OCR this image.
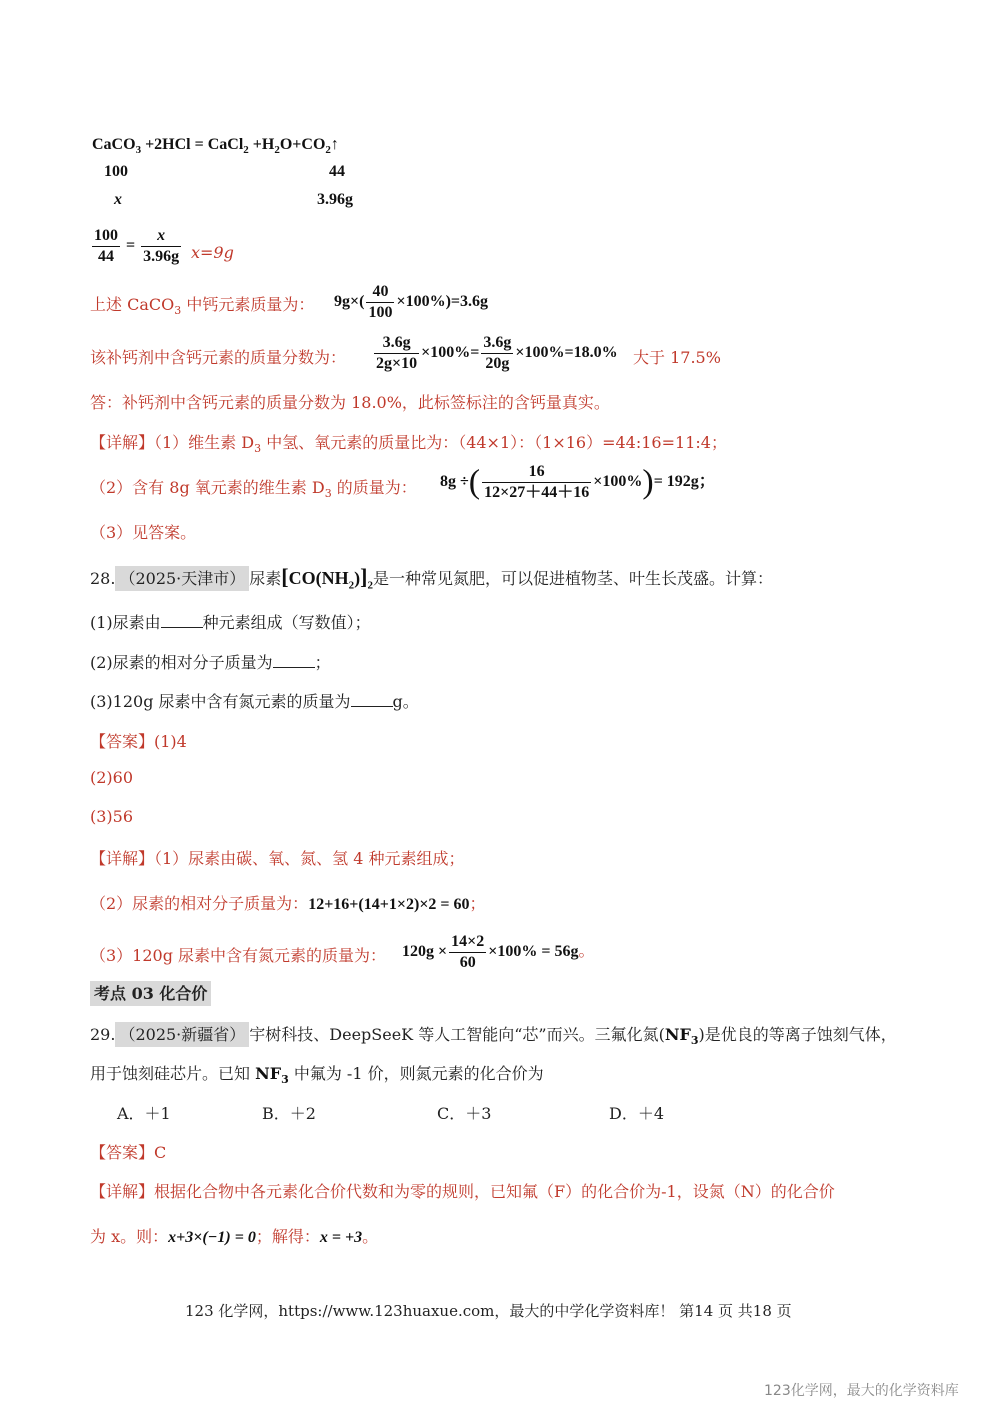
CaCO$_3$ +2HCl = CaCl$_2$ $+H_2O+CO_2↑$
100	44
x	3.96g
$\frac{100}{44} = \frac{x}{3.96g} x=9g$
上述 CaCO$_3$ 中钙元素质量为： $9g\times( \frac{40}{100} \times 100\%)=3.6g$
该补钙剂中含钙元素的质量分数为： $\frac{3.6g}{2g\times 10} \times 100\%= \frac{3.6g}{20g} \times 100\%=18.0\%$ 大于 17.5%
答：补钙剂中含钙元素的质量分数为 18.0%，此标签标注的含钙量真实。
【详解】（1）维生素 $D_3$ 中氢、氧元素的质量比为：（44×1）：（1×16）=44:16=11:4；
（2）含有 8g 氧元素的维生素 $D_3$ 的质量为： 8g ÷( $\frac{16}{12\times 27+44+16} \times 100\%)= 192g$；
（3）见答案。
28. （2025·天津市） 尿素$[CO(NH_2)]_2$是一种常见氮肥，可以促进植物茎、叶生长茂盛。计算：
(1)尿素由	种元素组成（写数值）；
(2)尿素的相对分子质量为	；
(3)120g 尿素中含有氮元素的质量为	g。
【答案】(1)4
(2)60
(3)56
【详解】（1）尿素由碳、氧、氮、氢 4 种元素组成；
（2）尿素的相对分子质量为：12+16+(14+1×2)×2 = 60；
（3）120g 尿素中含有氮元素的质量为： $120g \times \frac{14\times 2}{60} \times 100\% = 56g$。
考点 03 化合价
29. （2025·新疆省） 宇树科技、DeepSeeK 等人工智能向“芯”而兴。三氟化氮$(NF_3)$是优良的等离子蚀刻气体，
用于蚀刻硅芯片。已知 $NF_3$ 中氟为 -1 价，则氮元素的化合价为
A．＋1	B．＋2	C．＋3	D．＋4
【答案】C
【详解】根据化合物中各元素化合价代数和为零的规则，已知氟（F）的化合价为-1，设氮（N）的化合价
为 x。则：x+3×(−1) = 0；解得：x = +3。
123 化学网，https://www.123huaxue.com，最大的中学化学资料库！ 第14 页 共18 页
123化学网，最大的化学资料库
